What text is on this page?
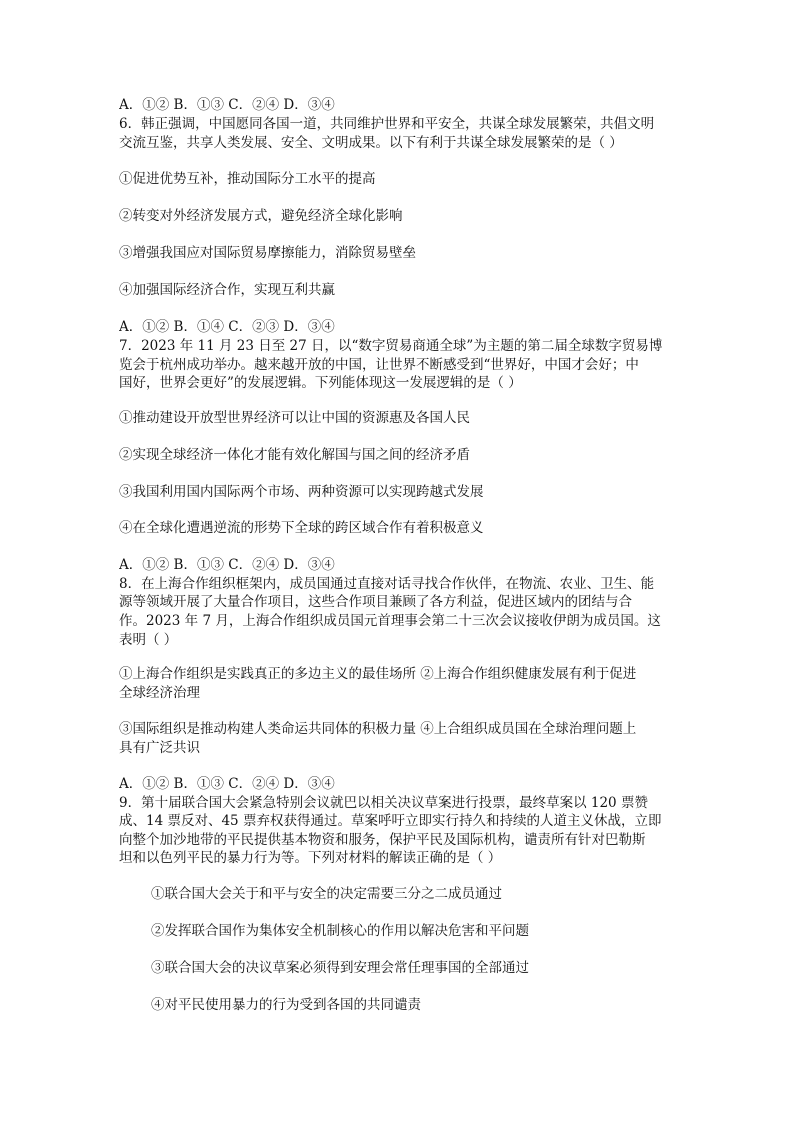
A．①② B．①③ C．②④ D．③④
6．韩正强调，中国愿同各国一道，共同维护世界和平安全，共谋全球发展繁荣，共倡文明
交流互鉴，共享人类发展、安全、文明成果。以下有利于共谋全球发展繁荣的是（ ）
①促进优势互补，推动国际分工水平的提高
②转变对外经济发展方式，避免经济全球化影响
③增强我国应对国际贸易摩擦能力，消除贸易壁垒
④加强国际经济合作，实现互利共赢
A．①② B．①④ C．②③ D．③④
7．2023 年 11 月 23 日至 27 日，以“数字贸易商通全球”为主题的第二届全球数字贸易博
览会于杭州成功举办。越来越开放的中国，让世界不断感受到“世界好，中国才会好；中
国好，世界会更好”的发展逻辑。下列能体现这一发展逻辑的是（ ）
①推动建设开放型世界经济可以让中国的资源惠及各国人民
②实现全球经济一体化才能有效化解国与国之间的经济矛盾
③我国利用国内国际两个市场、两种资源可以实现跨越式发展
④在全球化遭遇逆流的形势下全球的跨区域合作有着积极意义
A．①② B．①③ C．②④ D．③④
8．在上海合作组织框架内，成员国通过直接对话寻找合作伙伴，在物流、农业、卫生、能
源等领域开展了大量合作项目，这些合作项目兼顾了各方利益，促进区域内的团结与合
作。2023 年 7 月，上海合作组织成员国元首理事会第二十三次会议接收伊朗为成员国。这
表明（ ）
①上海合作组织是实践真正的多边主义的最佳场所 ②上海合作组织健康发展有利于促进
全球经济治理
③国际组织是推动构建人类命运共同体的积极力量 ④上合组织成员国在全球治理问题上
具有广泛共识
A．①② B．①③ C．②④ D．③④
9．第十届联合国大会紧急特别会议就巴以相关决议草案进行投票，最终草案以 120 票赞
成、14 票反对、45 票弃权获得通过。草案呼吁立即实行持久和持续的人道主义休战，立即
向整个加沙地带的平民提供基本物资和服务，保护平民及国际机构，谴责所有针对巴勒斯
坦和以色列平民的暴力行为等。下列对材料的解读正确的是（ ）
①联合国大会关于和平与安全的决定需要三分之二成员通过
②发挥联合国作为集体安全机制核心的作用以解决危害和平问题
③联合国大会的决议草案必须得到安理会常任理事国的全部通过
④对平民使用暴力的行为受到各国的共同谴责
